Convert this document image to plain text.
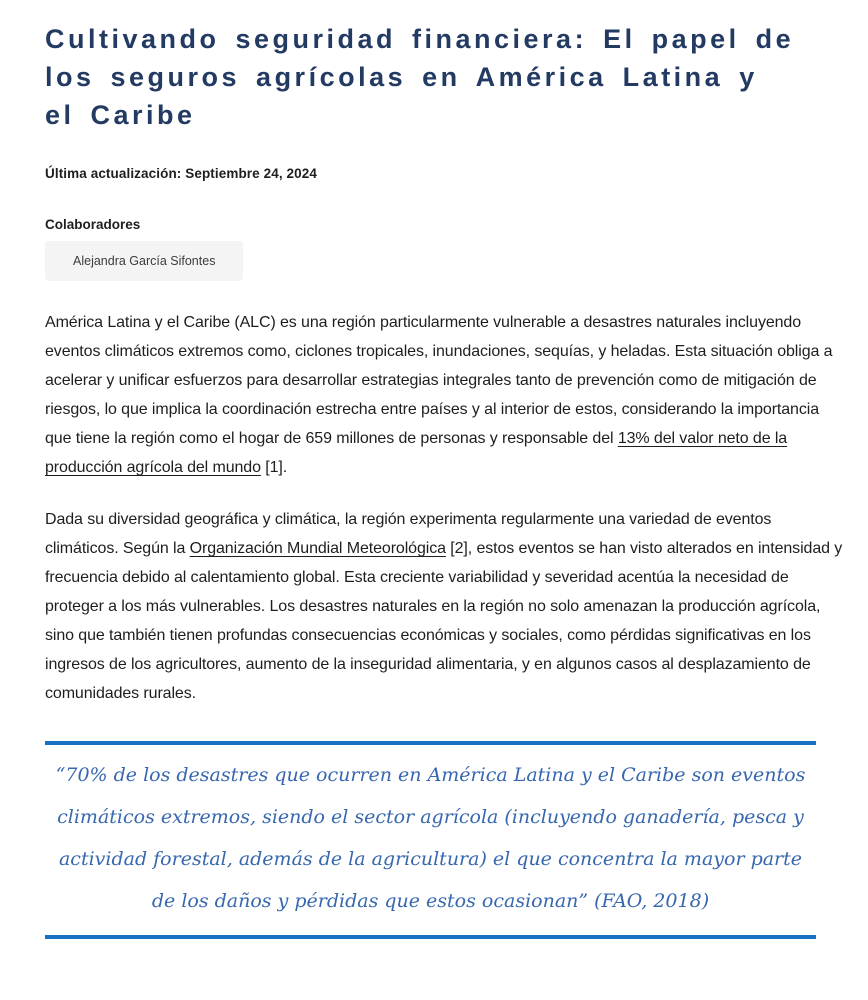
Cultivando seguridad financiera: El papel de los seguros agrícolas en América Latina y el Caribe
Última actualización: Septiembre 24, 2024
Colaboradores
Alejandra García Sifontes

América Latina y el Caribe (ALC) es una región particularmente vulnerable a desastres naturales incluyendo eventos climáticos extremos como, ciclones tropicales, inundaciones, sequías, y heladas. Esta situación obliga a acelerar y unificar esfuerzos para desarrollar estrategias integrales tanto de prevención como de mitigación de riesgos, lo que implica la coordinación estrecha entre países y al interior de estos, considerando la importancia que tiene la región como el hogar de 659 millones de personas y responsable del 13% del valor neto de la producción agrícola del mundo [1].

Dada su diversidad geográfica y climática, la región experimenta regularmente una variedad de eventos climáticos. Según la Organización Mundial Meteorológica [2], estos eventos se han visto alterados en intensidad y frecuencia debido al calentamiento global. Esta creciente variabilidad y severidad acentúa la necesidad de proteger a los más vulnerables. Los desastres naturales en la región no solo amenazan la producción agrícola, sino que también tienen profundas consecuencias económicas y sociales, como pérdidas significativas en los ingresos de los agricultores, aumento de la inseguridad alimentaria, y en algunos casos al desplazamiento de comunidades rurales.

“70% de los desastres que ocurren en América Latina y el Caribe son eventos climáticos extremos, siendo el sector agrícola (incluyendo ganadería, pesca y actividad forestal, además de la agricultura) el que concentra la mayor parte de los daños y pérdidas que estos ocasionan” (FAO, 2018)
